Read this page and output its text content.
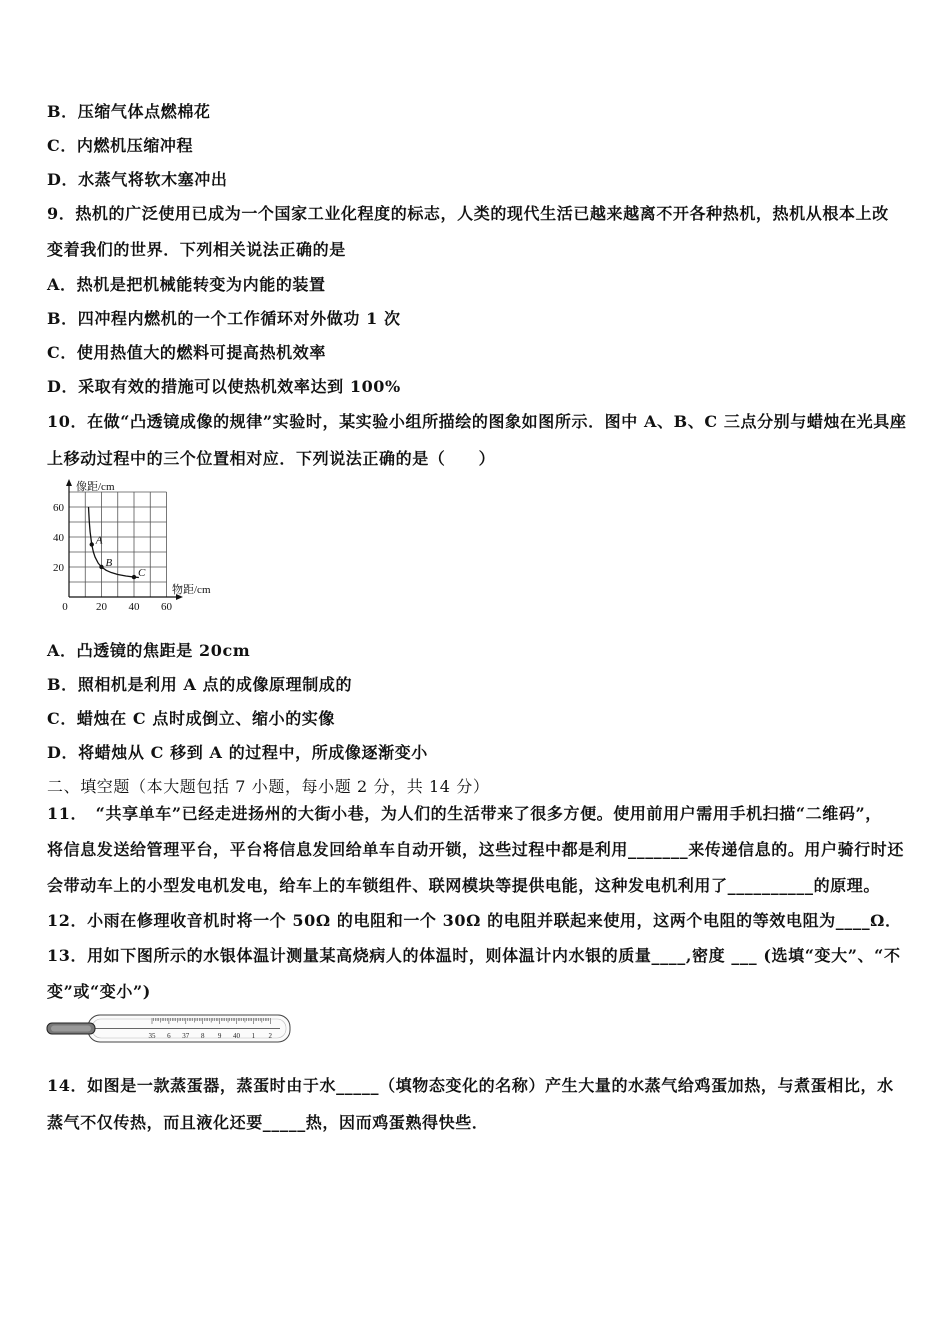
B．压缩气体点燃棉花
C．内燃机压缩冲程
D．水蒸气将软木塞冲出
9．热机的广泛使用已成为一个国家工业化程度的标志，人类的现代生活已越来越离不开各种热机，热机从根本上改
变着我们的世界．下列相关说法正确的是
A．热机是把机械能转变为内能的装置
B．四冲程内燃机的一个工作循环对外做功 1 次
C．使用热值大的燃料可提高热机效率
D．采取有效的措施可以使热机效率达到 100%
10．在做“凸透镜成像的规律”实验时，某实验小组所描绘的图象如图所示．图中 A、B、C 三点分别与蜡烛在光具座
上移动过程中的三个位置相对应．下列说法正确的是（　　）
像距/cm
物距/cm
20
40
60
0	20 40 60
A
B
C
A．凸透镜的焦距是 20cm
B．照相机是利用 A 点的成像原理制成的
C．蜡烛在 C 点时成倒立、缩小的实像
D．将蜡烛从 C 移到 A 的过程中，所成像逐渐变小
二、填空题（本大题包括 7 小题，每小题 2 分，共 14 分）
11．　“共享单车”已经走进扬州的大街小巷，为人们的生活带来了很多方便。使用前用户需用手机扫描“二维码”，
将信息发送给管理平台，平台将信息发回给单车自动开锁，这些过程中都是利用_______来传递信息的。用户骑行时还
会带动车上的小型发电机发电，给车上的车锁组件、联网模块等提供电能，这种发电机利用了__________的原理。
12．小雨在修理收音机时将一个 50Ω 的电阻和一个 30Ω 的电阻并联起来使用，这两个电阻的等效电阻为____Ω．
13．用如下图所示的水银体温计测量某高烧病人的体温时，则体温计内水银的质量____,密度 ___ (选填“变大”、“不
变”或“变小”)
35 6 37 8 9 40 1 2
14．如图是一款蒸蛋器，蒸蛋时由于水_____（填物态变化的名称）产生大量的水蒸气给鸡蛋加热，与煮蛋相比，水
蒸气不仅传热，而且液化还要_____热，因而鸡蛋熟得快些．
